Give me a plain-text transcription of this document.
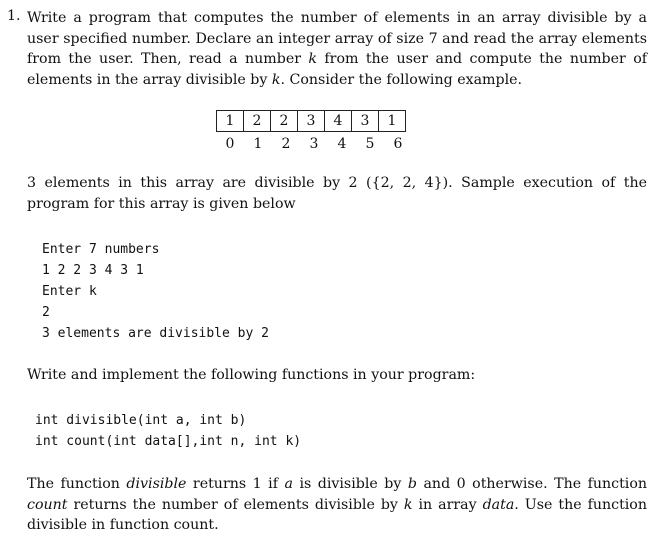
1. Write a program that computes the number of elements in an array divisible by a user specified number. Declare an integer array of size 7 and read the array elements from the user. Then, read a number k from the user and compute the number of elements in the array divisible by k. Consider the following example.
1	2	2	3	4	3	1
0	1	2	3	4	5	6
3 elements in this array are divisible by 2 ({2, 2, 4}). Sample execution of the program for this array is given below
Enter 7 numbers
1 2 2 3 4 3 1
Enter k
2
3 elements are divisible by 2
Write and implement the following functions in your program:
int divisible(int a, int b)
int count(int data[],int n, int k)
The function divisible returns 1 if a is divisible by b and 0 otherwise. The function count returns the number of elements divisible by k in array data. Use the function divisible in function count.
